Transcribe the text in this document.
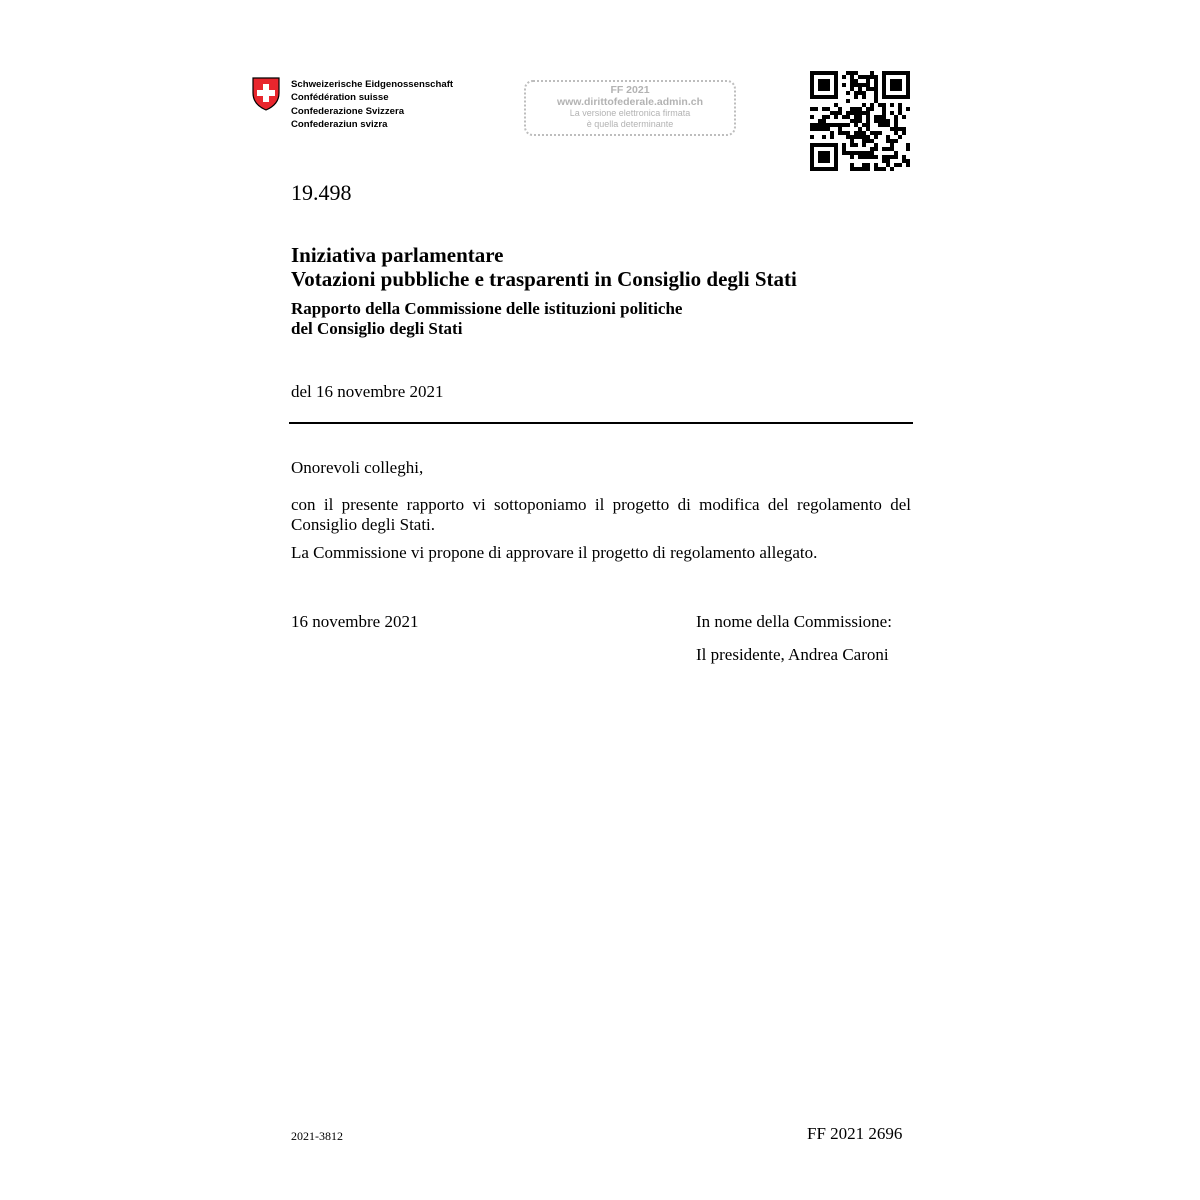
Schweizerische Eidgenossenschaft
Confédération suisse
Confederazione Svizzera
Confederaziun svizra
FF 2021
www.dirittofederale.admin.ch
La versione elettronica firmata
è quella determinante
19.498
Iniziativa parlamentare
Votazioni pubbliche e trasparenti in Consiglio degli Stati
Rapporto della Commissione delle istituzioni politiche
del Consiglio degli Stati
del 16 novembre 2021
Onorevoli colleghi,
con il presente rapporto vi sottoponiamo il progetto di modifica del regolamento del Consiglio degli Stati.
La Commissione vi propone di approvare il progetto di regolamento allegato.
16 novembre 2021	In nome della Commissione:
Il presidente, Andrea Caroni
2021-3812	FF 2021 2696
